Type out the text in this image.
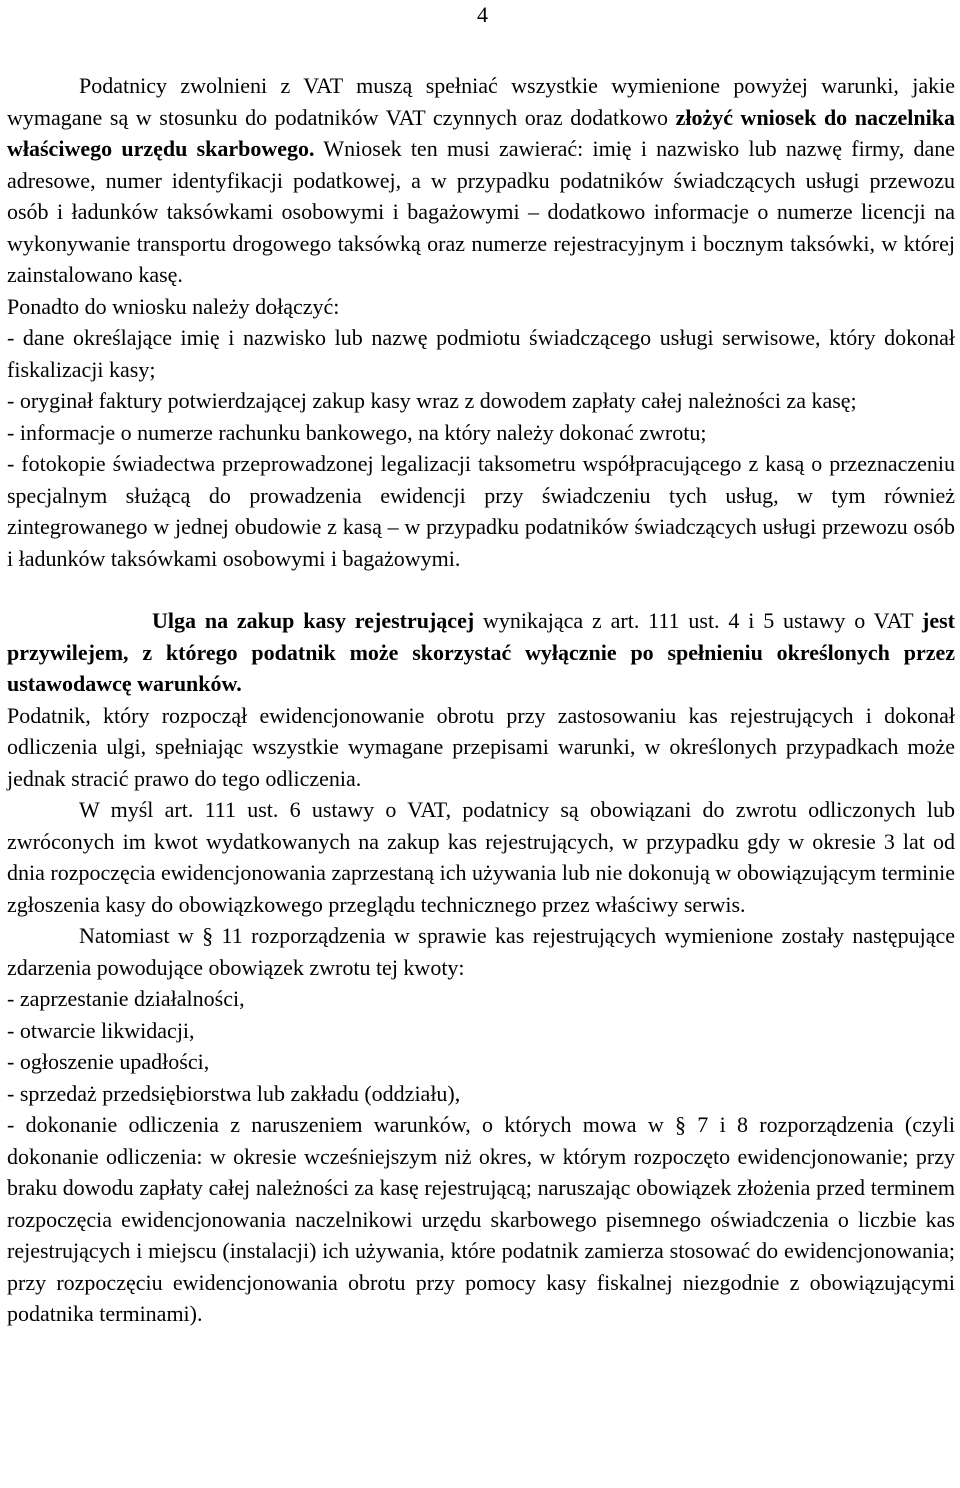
4

Podatnicy zwolnieni z VAT muszą spełniać wszystkie wymienione powyżej warunki, jakie wymagane są w stosunku do podatników VAT czynnych oraz dodatkowo złożyć wniosek do naczelnika właściwego urzędu skarbowego. Wniosek ten musi zawierać: imię i nazwisko lub nazwę firmy, dane adresowe, numer identyfikacji podatkowej, a w przypadku podatników świadczących usługi przewozu osób i ładunków taksówkami osobowymi i bagażowymi – dodatkowo informacje o numerze licencji na wykonywanie transportu drogowego taksówką oraz numerze rejestracyjnym i bocznym taksówki, w której zainstalowano kasę.

Ponadto do wniosku należy dołączyć:

- dane określające imię i nazwisko lub nazwę podmiotu świadczącego usługi serwisowe, który dokonał fiskalizacji kasy;

- oryginał faktury potwierdzającej zakup kasy wraz z dowodem zapłaty całej należności za kasę;

- informacje o numerze rachunku bankowego, na który należy dokonać zwrotu;

- fotokopie świadectwa przeprowadzonej legalizacji taksometru współpracującego z kasą o przeznaczeniu specjalnym służącą do prowadzenia ewidencji przy świadczeniu tych usług, w tym również zintegrowanego w jednej obudowie z kasą – w przypadku podatników świadczących usługi przewozu osób i ładunków taksówkami osobowymi i bagażowymi.

Ulga na zakup kasy rejestrującej wynikająca z art. 111 ust. 4 i 5 ustawy o VAT jest przywilejem, z którego podatnik może skorzystać wyłącznie po spełnieniu określonych przez ustawodawcę warunków.

Podatnik, który rozpoczął ewidencjonowanie obrotu przy zastosowaniu kas rejestrujących i dokonał odliczenia ulgi, spełniając wszystkie wymagane przepisami warunki, w określonych przypadkach może jednak stracić prawo do tego odliczenia.

W myśl art. 111 ust. 6 ustawy o VAT, podatnicy są obowiązani do zwrotu odliczonych lub zwróconych im kwot wydatkowanych na zakup kas rejestrujących, w przypadku gdy w okresie 3 lat od dnia rozpoczęcia ewidencjonowania zaprzestaną ich używania lub nie dokonują w obowiązującym terminie zgłoszenia kasy do obowiązkowego przeglądu technicznego przez właściwy serwis.

Natomiast w § 11 rozporządzenia w sprawie kas rejestrujących wymienione zostały następujące zdarzenia powodujące obowiązek zwrotu tej kwoty:

- zaprzestanie działalności,

- otwarcie likwidacji,

- ogłoszenie upadłości,

- sprzedaż przedsiębiorstwa lub zakładu (oddziału),

- dokonanie odliczenia z naruszeniem warunków, o których mowa w § 7 i 8 rozporządzenia (czyli dokonanie odliczenia: w okresie wcześniejszym niż okres, w którym rozpoczęto ewidencjonowanie; przy braku dowodu zapłaty całej należności za kasę rejestrującą; naruszając obowiązek złożenia przed terminem rozpoczęcia ewidencjonowania naczelnikowi urzędu skarbowego pisemnego oświadczenia o liczbie kas rejestrujących i miejscu (instalacji) ich używania, które podatnik zamierza stosować do ewidencjonowania; przy rozpoczęciu ewidencjonowania obrotu przy pomocy kasy fiskalnej niezgodnie z obowiązującymi podatnika terminami).
